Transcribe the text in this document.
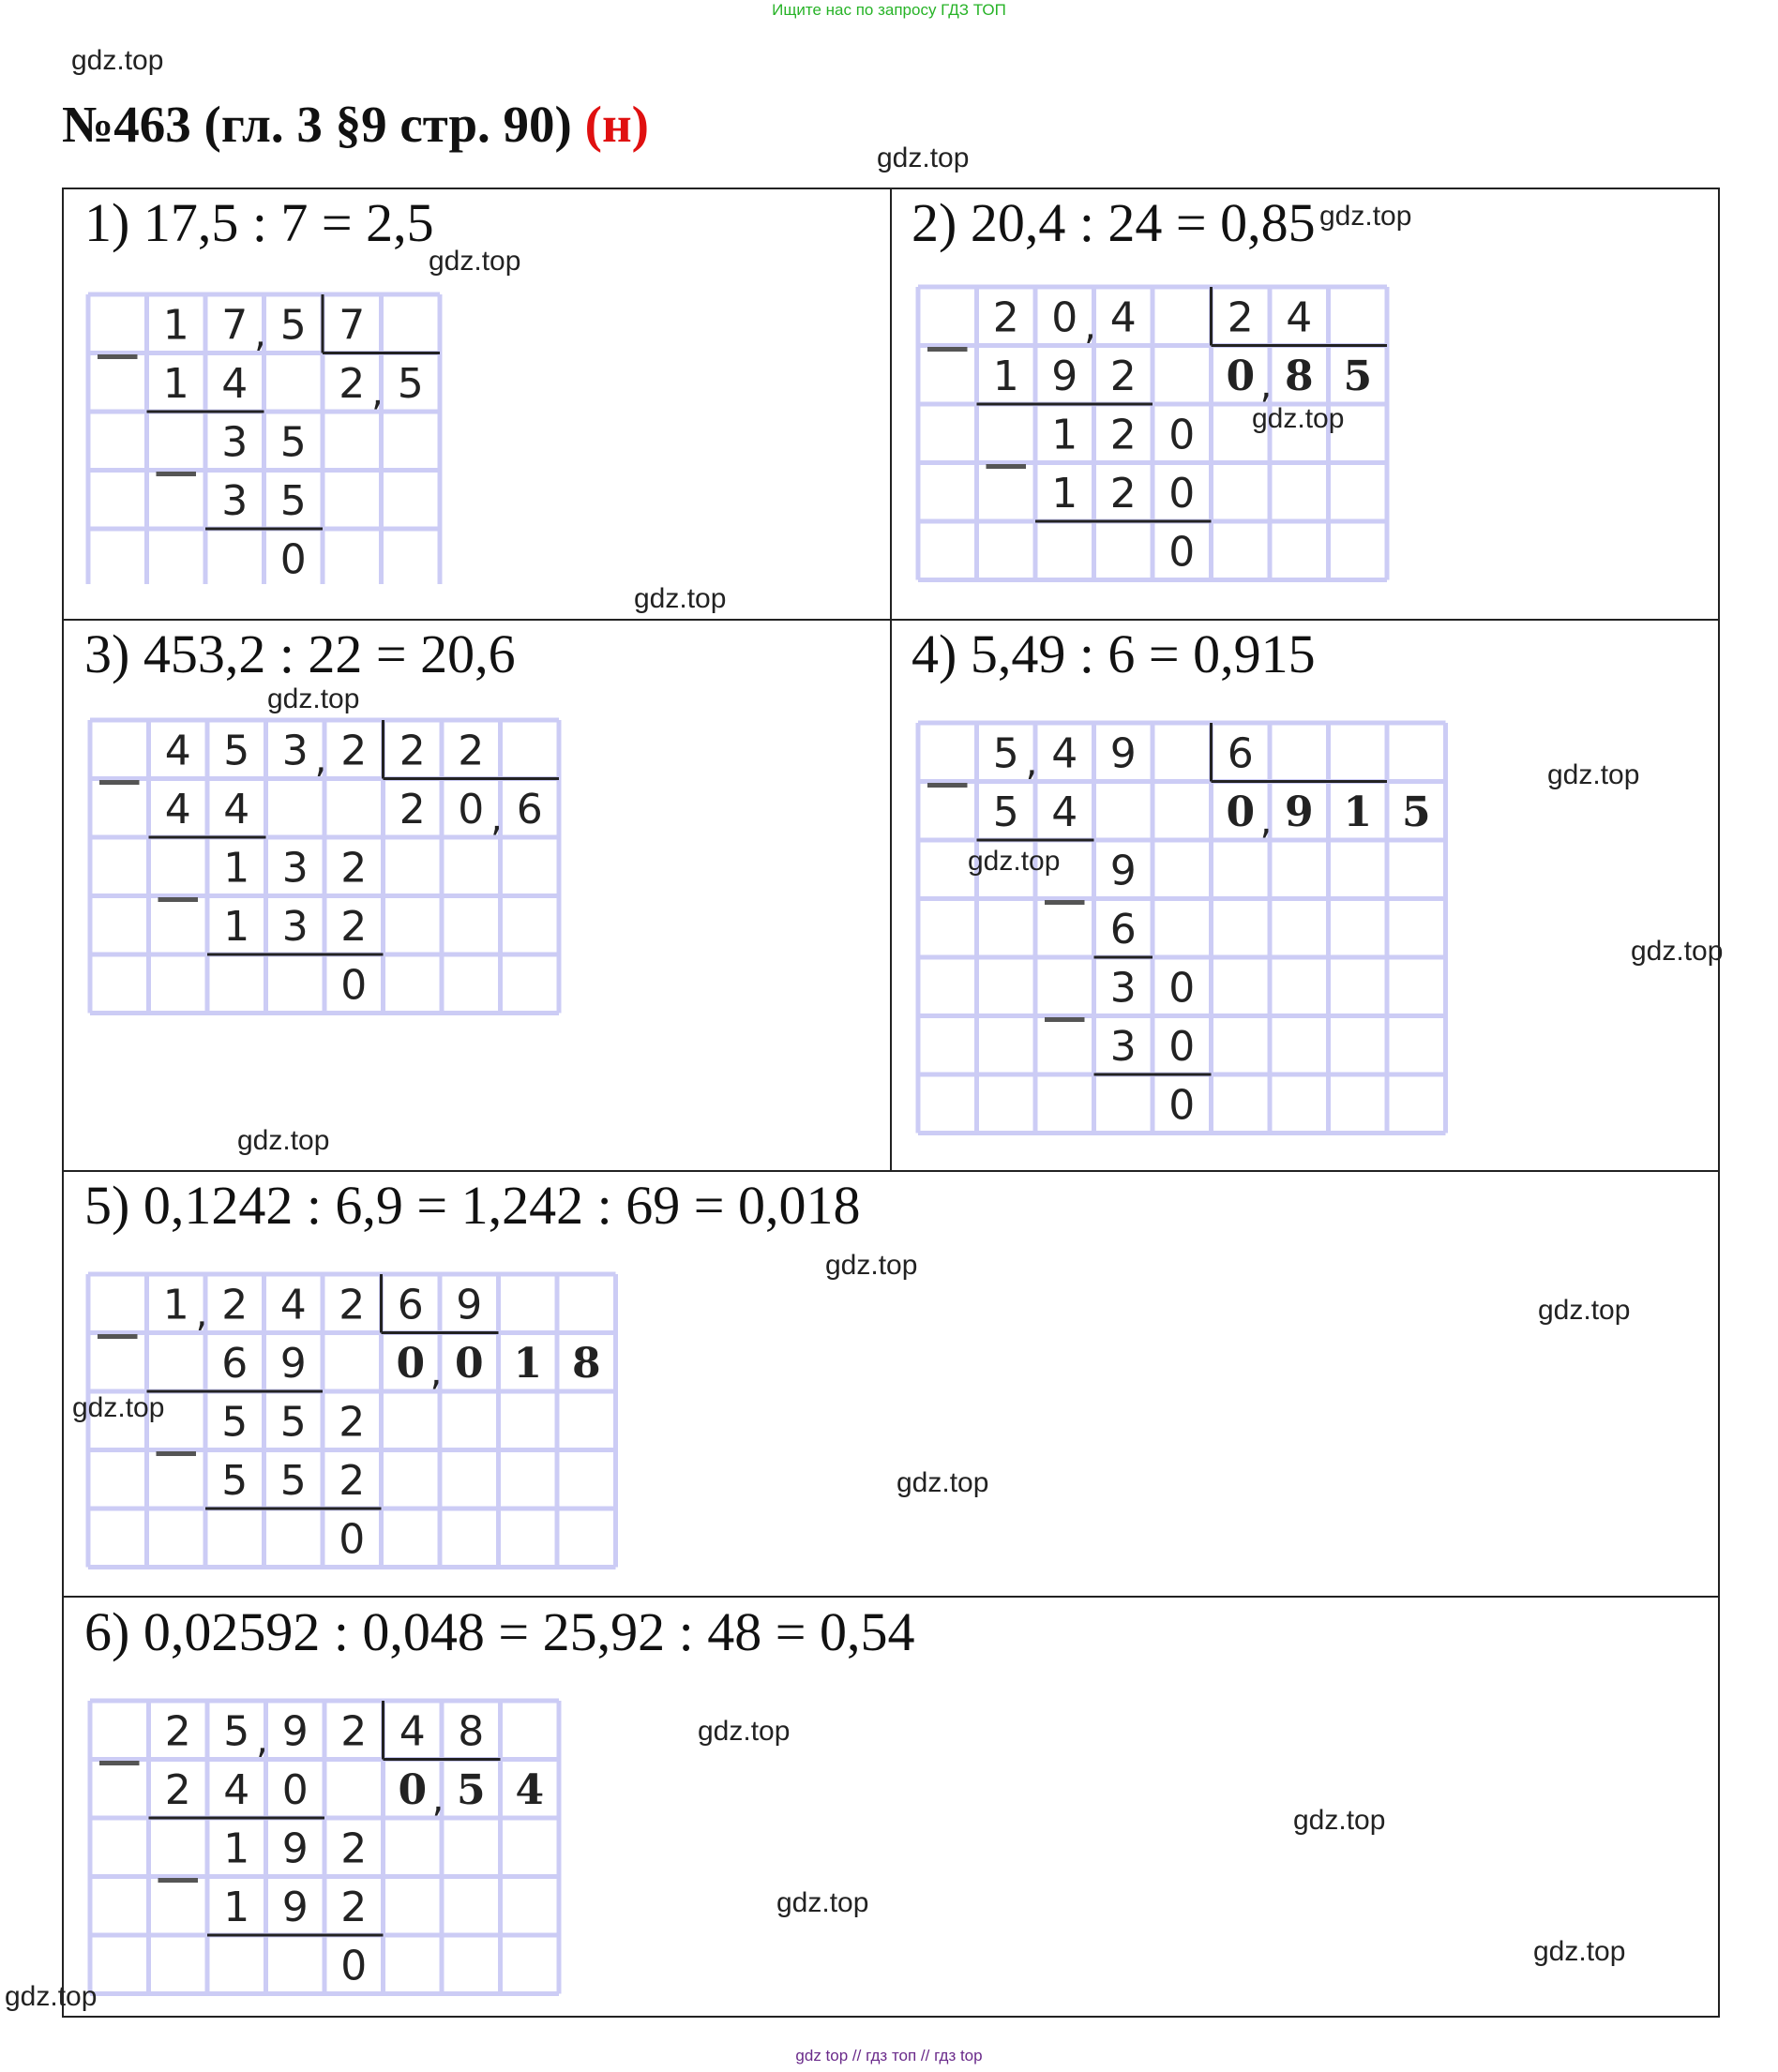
Ищите нас по запросу ГДЗ ТОП
gdz.top
№463 (гл. 3 §9 стр. 90) (н)
gdz.top
1) 17,5 : 7 = 2,5
1 7 5 7
1 4 2 5
3 5
3 5
0
,
,
2) 20,4 : 24 = 0,85
2 0 4 2 4
1 9 2 0 8 5
1 2 0
1 2 0
0
,
,
3) 453,2 : 22 = 20,6
4 5 3 2 2 2
4 4	2 0 6
1 3 2
1 3 2
0
,
,
4) 5,49 : 6 = 0,915
5 4 9 6
5 4	0 9 1 5
9
6
3 0
3 0
0
,
,
5) 0,1242 : 6,9 = 1,242 : 69 = 0,018
1 2 4 2 6 9
6 9 0 0 1 8
5 5 2
5 5 2
0
,
,
6) 0,02592 : 0,048 = 25,92 : 48 = 0,54
2 5 9 2 4 8
2 4 0 0 5 4
1 9 2
1 9 2
0
,
,
gdz.top
gdz.top
gdz.top
gdz.top
gdz.top
gdz.top
gdz.top
gdz.top
gdz.top
gdz.top
gdz.top
gdz.top
gdz.top
gdz.top
gdz.top
gdz.top
gdz.top
gdz.top
gdz top // гдз топ // гдз top
